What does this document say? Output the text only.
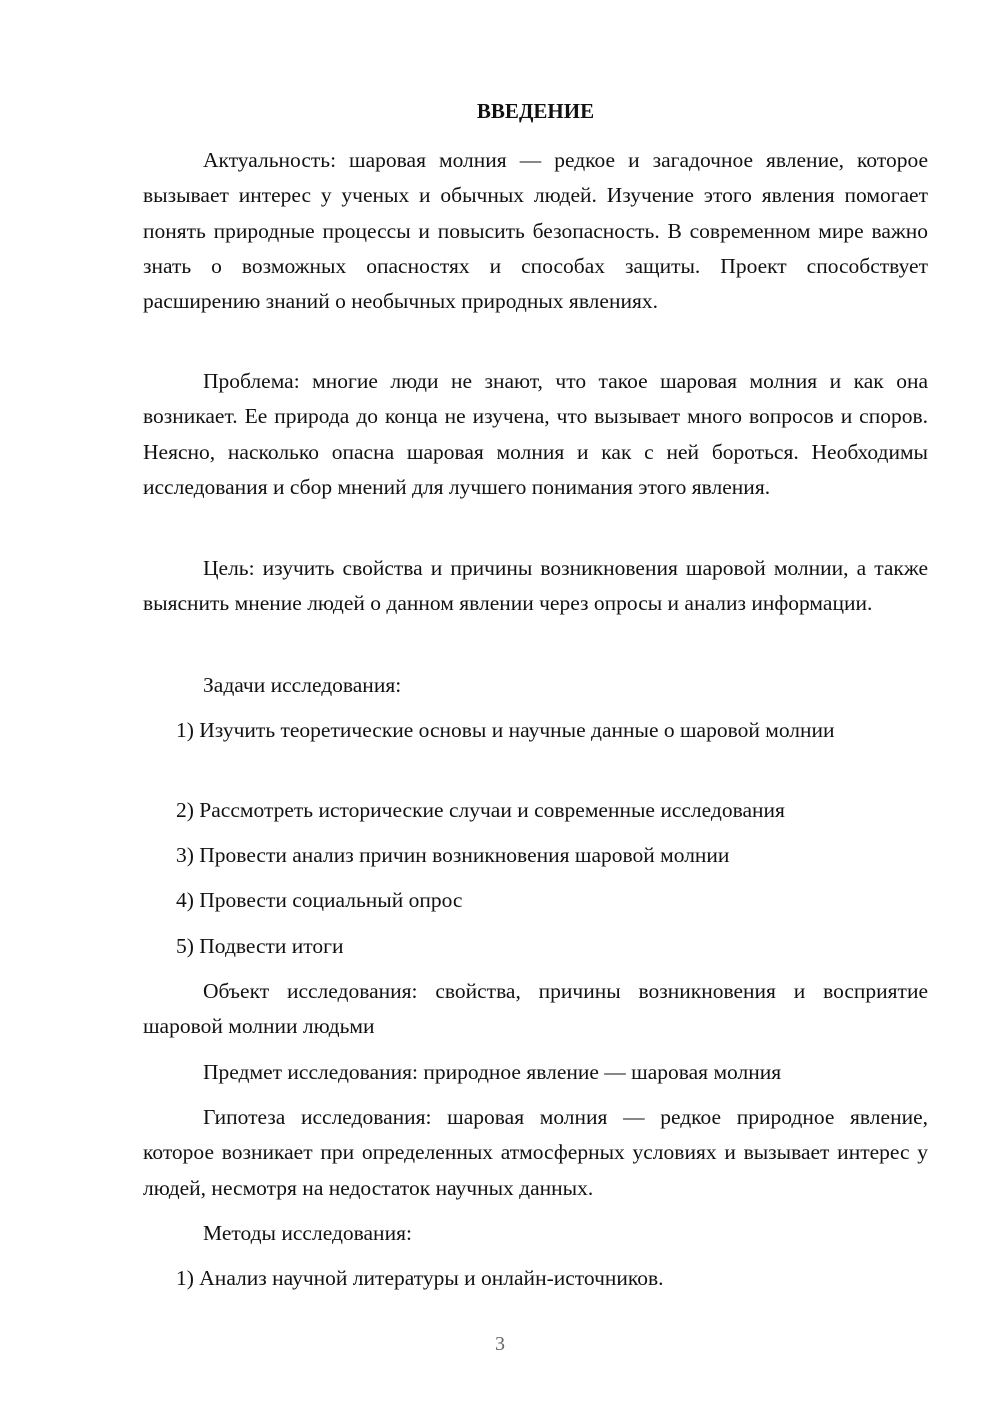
ВВЕДЕНИЕ

Актуальность: шаровая молния — редкое и загадочное явление, которое вызывает интерес у ученых и обычных людей. Изучение этого явления помогает понять природные процессы и повысить безопасность. В современном мире важно знать о возможных опасностях и способах защиты. Проект способствует расширению знаний о необычных природных явлениях.

Проблема: многие люди не знают, что такое шаровая молния и как она возникает. Ее природа до конца не изучена, что вызывает много вопросов и споров. Неясно, насколько опасна шаровая молния и как с ней бороться. Необходимы исследования и сбор мнений для лучшего понимания этого явления.

Цель: изучить свойства и причины возникновения шаровой молнии, а также выяснить мнение людей о данном явлении через опросы и анализ информации.

Задачи исследования:

1) Изучить теоретические основы и научные данные о шаровой молнии

2) Рассмотреть исторические случаи и современные исследования
3) Провести анализ причин возникновения шаровой молнии
4) Провести социальный опрос
5) Подвести итоги

Объект исследования: свойства, причины возникновения и восприятие шаровой молнии людьми

Предмет исследования: природное явление — шаровая молния

Гипотеза исследования: шаровая молния — редкое природное явление, которое возникает при определенных атмосферных условиях и вызывает интерес у людей, несмотря на недостаток научных данных.

Методы исследования:
1) Анализ научной литературы и онлайн-источников.
3
